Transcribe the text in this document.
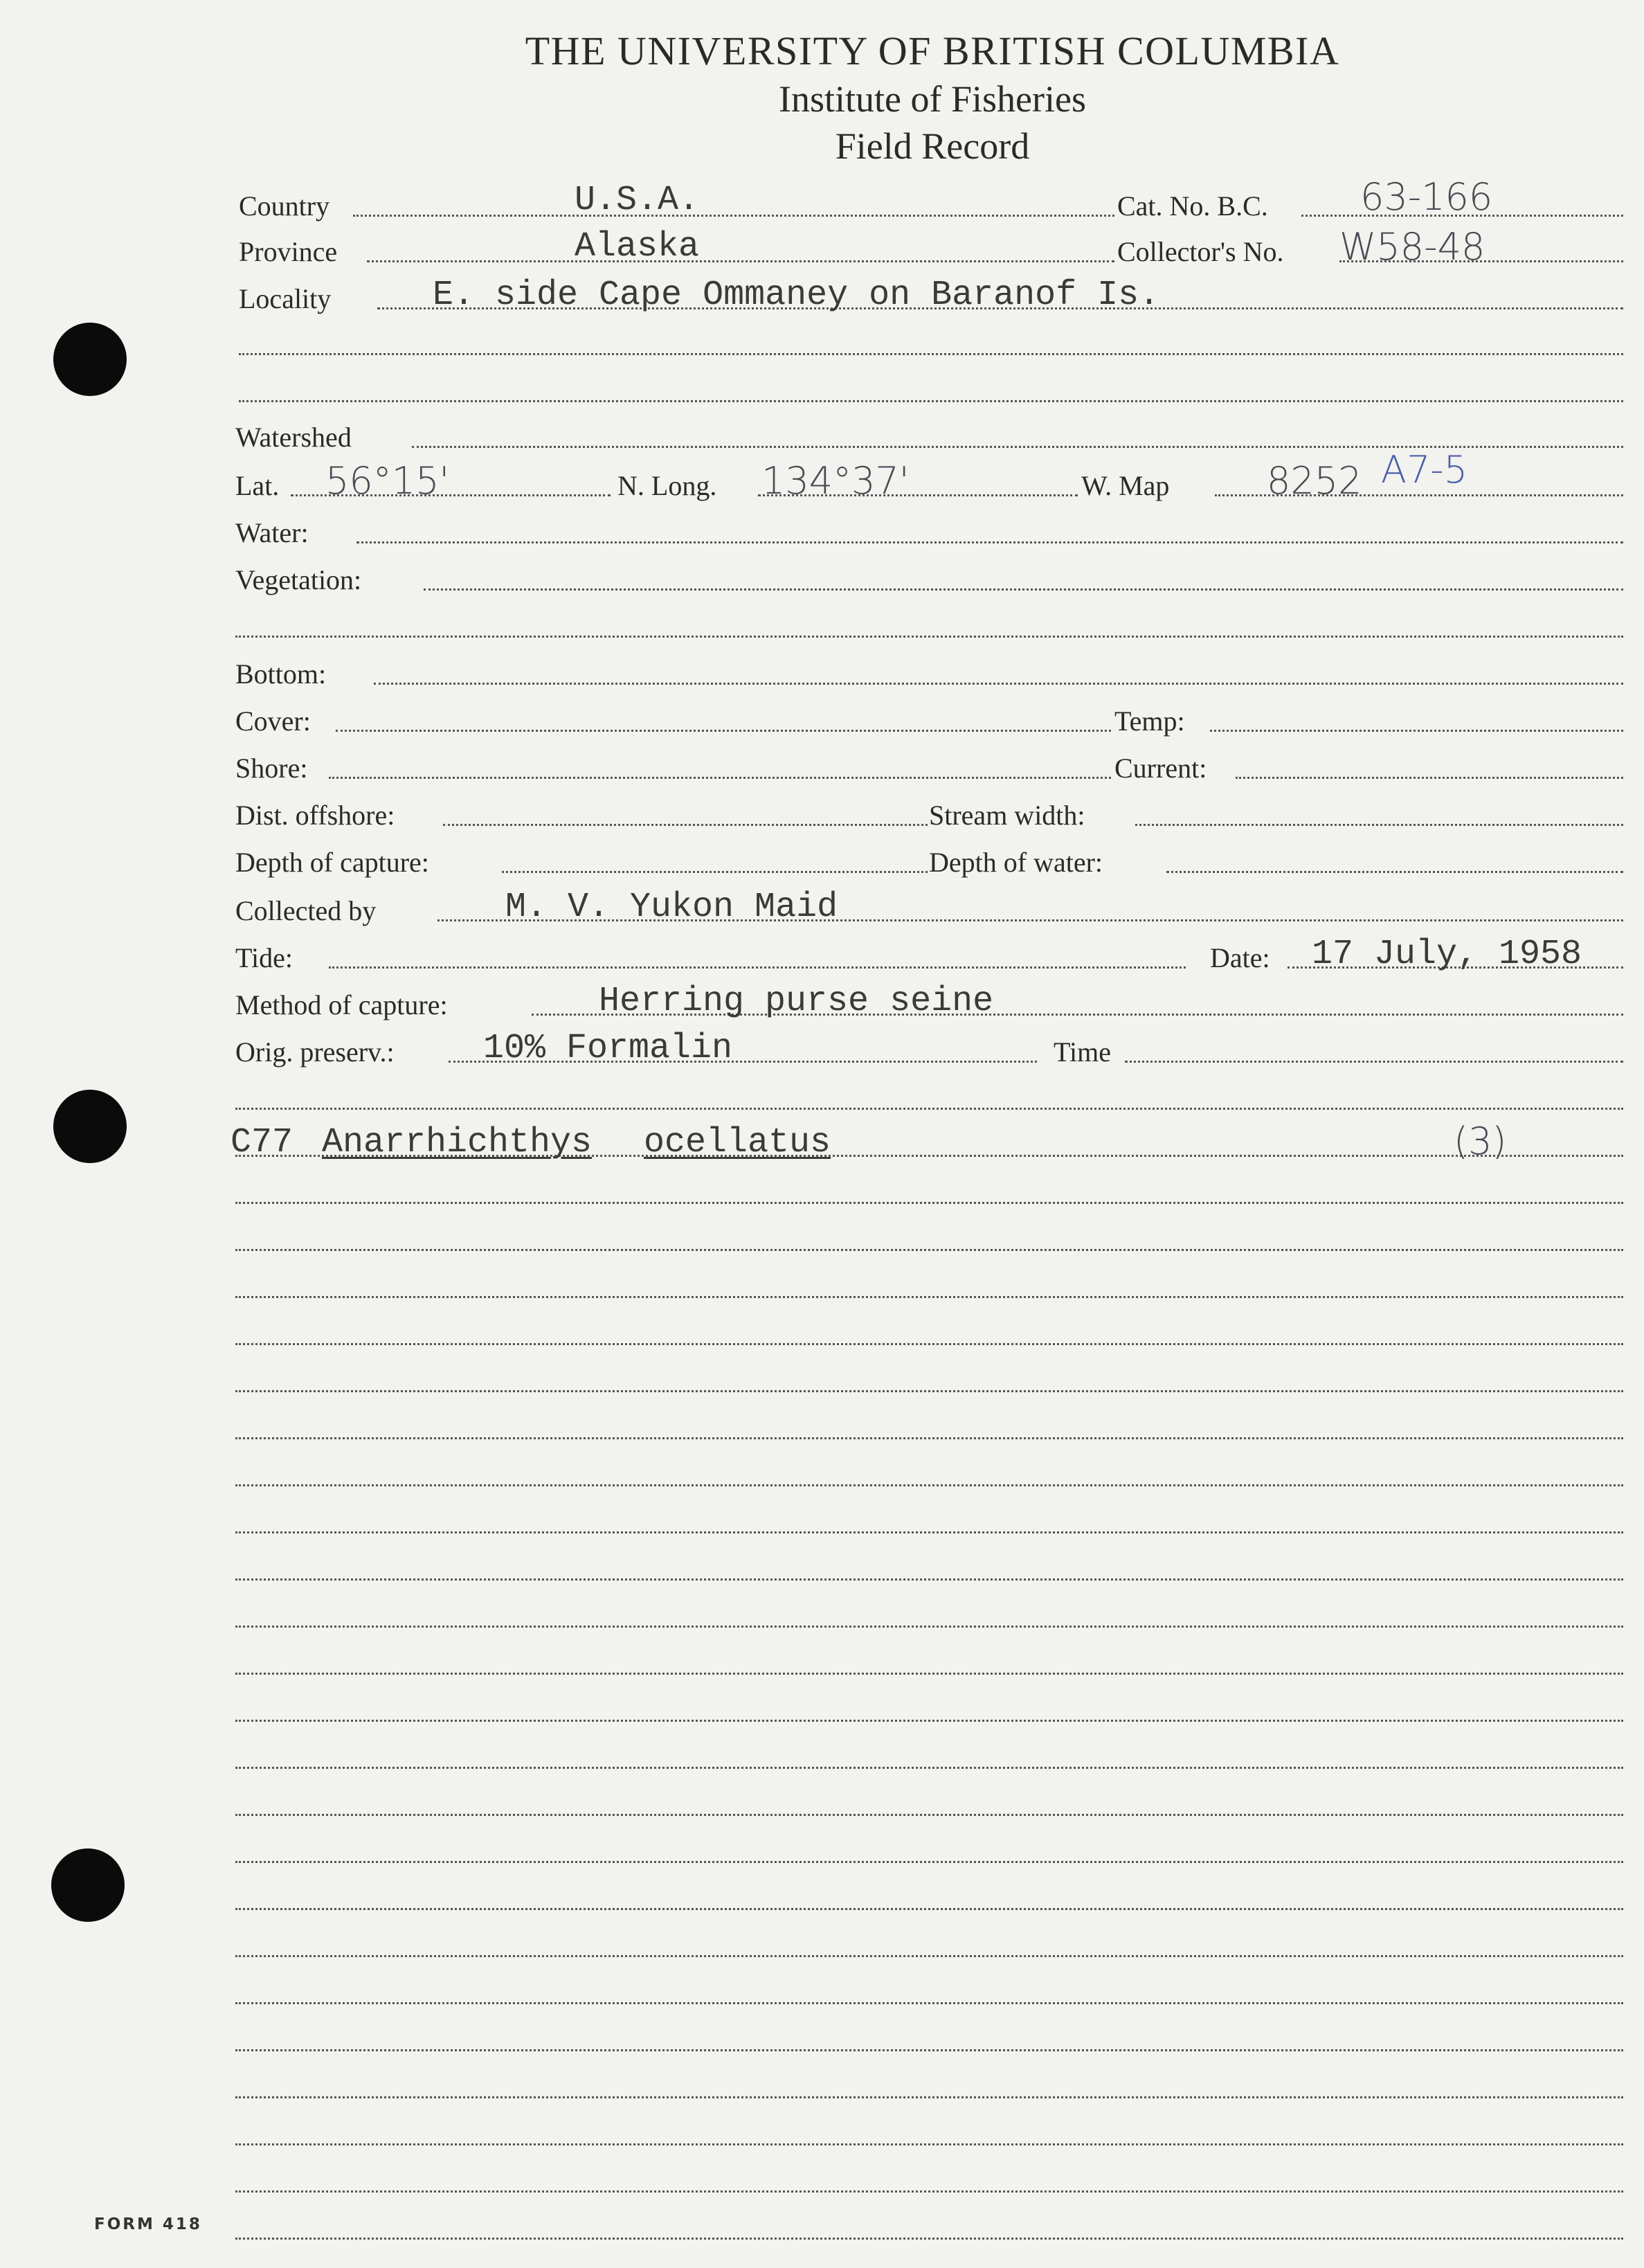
THE UNIVERSITY OF BRITISH COLUMBIA
Institute of Fisheries
Field Record
Country	U.S.A.	Cat. No. B.C. 63-166
Province	Alaska	Collector's No. W58-48
Locality	E. side Cape Ommaney on Baranof Is.
Watershed
Lat. 56°15'	N. Long. 134°37'	W. Map	8252 A7-5
Water:
Vegetation:
Bottom:
Cover:	Temp:
Shore:	Current:
Dist. offshore:	Stream width:
Depth of capture:	Depth of water:
Collected by	M. V. Yukon Maid
Tide:	Date: 17 July, 1958
Method of capture:	Herring purse seine
Orig. preserv.:	10% Formalin	Time
C77 Anarrhichthys ocellatus	(3)
FORM 418
